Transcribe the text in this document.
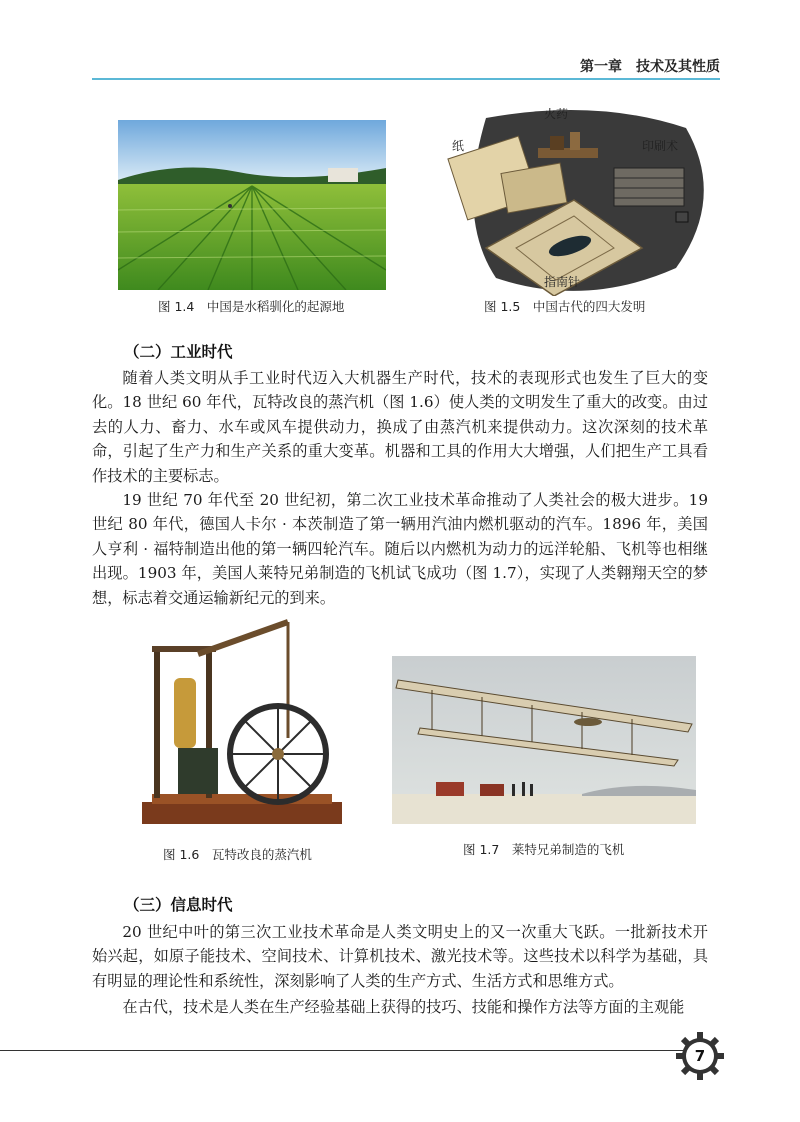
第一章　技术及其性质
图 1.4　中国是水稻驯化的起源地
火药
纸	印刷术
指南针
图 1.5　中国古代的四大发明
（二）工业时代

随着人类文明从手工业时代迈入大机器生产时代，技术的表现形式也发生了巨大的变化。18 世纪 60 年代，瓦特改良的蒸汽机（图 1.6）使人类的文明发生了重大的改变。由过去的人力、畜力、水车或风车提供动力，换成了由蒸汽机来提供动力。这次深刻的技术革命，引起了生产力和生产关系的重大变革。机器和工具的作用大大增强，人们把生产工具看作技术的主要标志。

19 世纪 70 年代至 20 世纪初，第二次工业技术革命推动了人类社会的极大进步。19 世纪 80 年代，德国人卡尔 · 本茨制造了第一辆用汽油内燃机驱动的汽车。1896 年，美国人亨利 · 福特制造出他的第一辆四轮汽车。随后以内燃机为动力的远洋轮船、飞机等也相继出现。1903 年，美国人莱特兄弟制造的飞机试飞成功（图 1.7），实现了人类翱翔天空的梦想，标志着交通运输新纪元的到来。

图 1.6　瓦特改良的蒸汽机	图 1.7　莱特兄弟制造的飞机
（三）信息时代

20 世纪中叶的第三次工业技术革命是人类文明史上的又一次重大飞跃。一批新技术开始兴起，如原子能技术、空间技术、计算机技术、激光技术等。这些技术以科学为基础，具有明显的理论性和系统性，深刻影响了人类的生产方式、生活方式和思维方式。

在古代，技术是人类在生产经验基础上获得的技巧、技能和操作方法等方面的主观能

7
